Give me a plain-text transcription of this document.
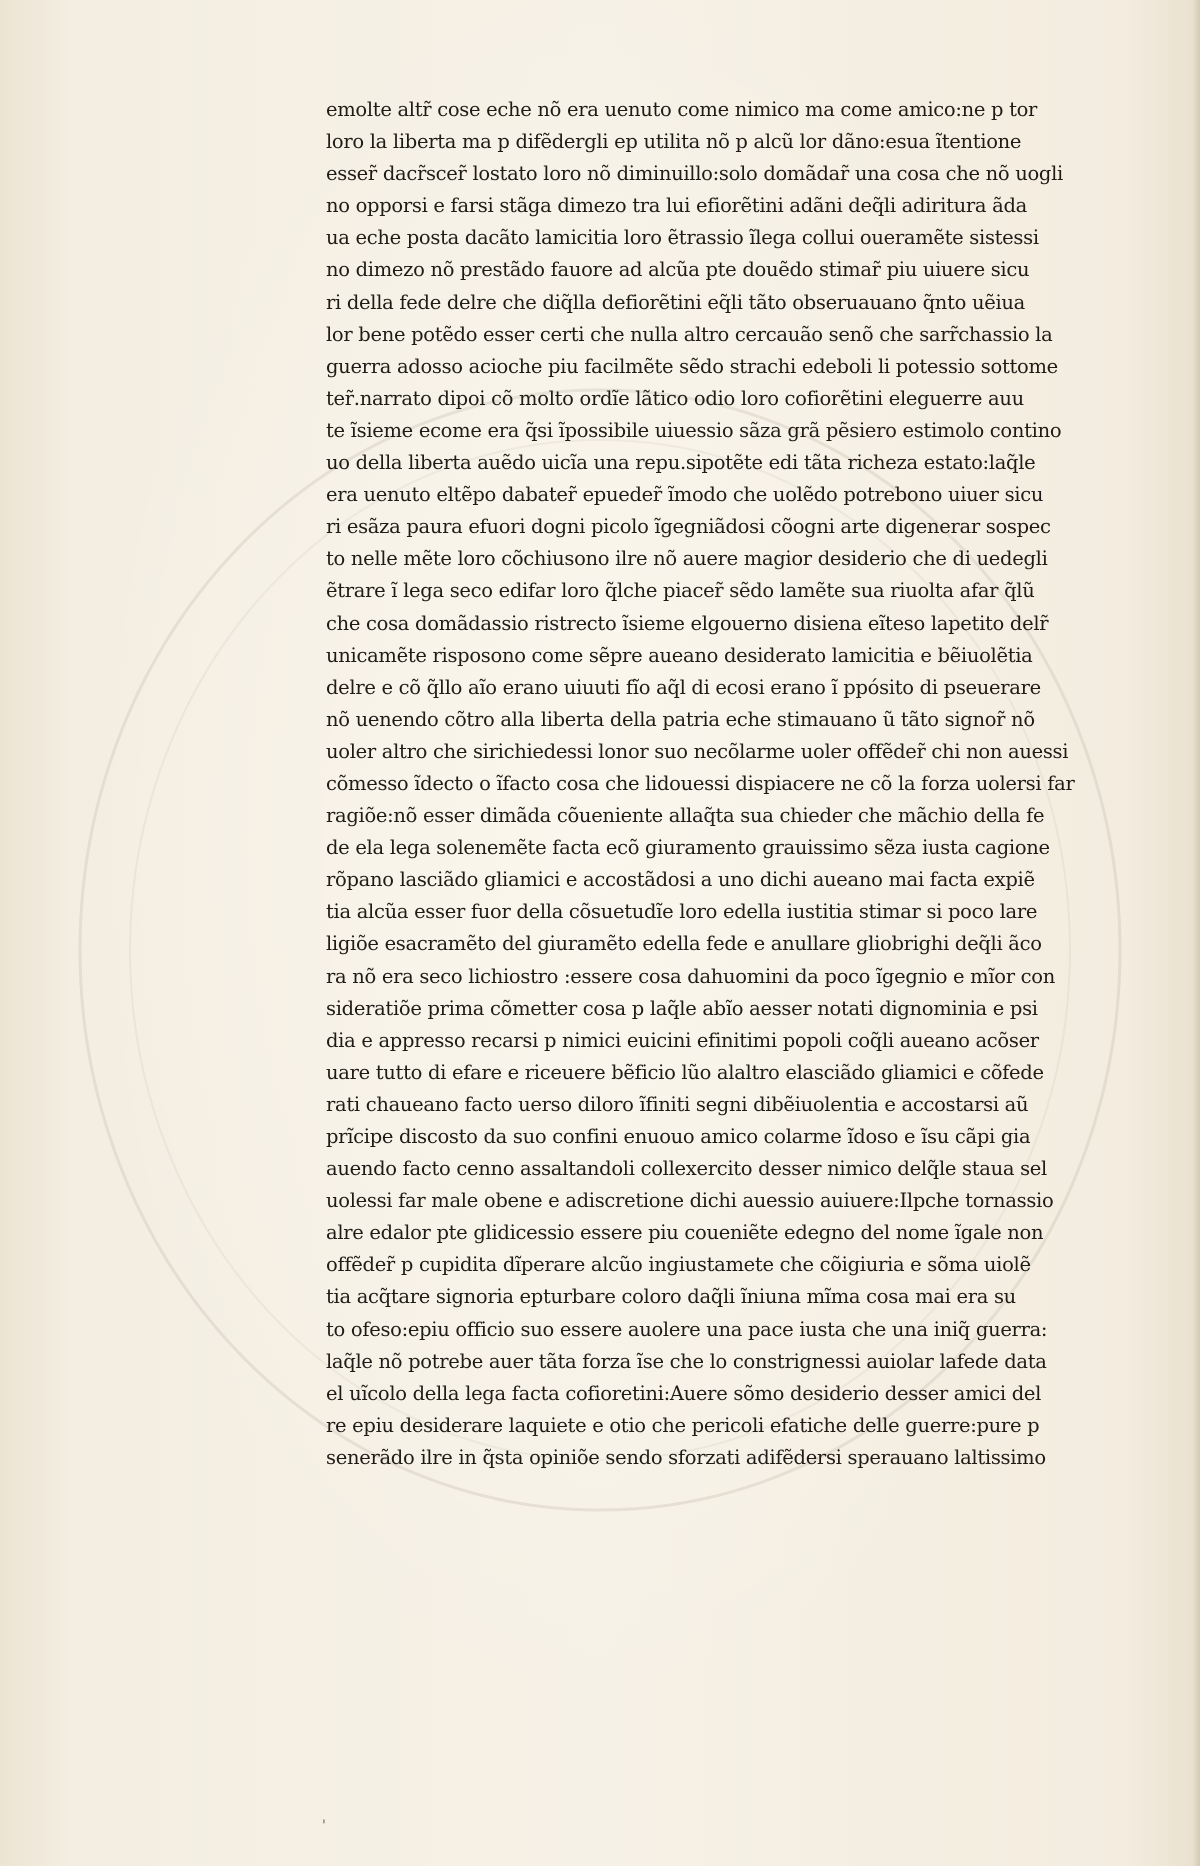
emolte altr̃ cose eche nõ era uenuto come nimico ma come amico:ne p tor
loro la liberta ma p difẽdergli ep utilita nõ p alcũ lor dãno:esua ĩtentione
esser̃ dacr̃scer̃ lostato loro nõ diminuillo:solo domãdar̃ una cosa che nõ uogli
no opporsi e farsi stãga dimezo tra lui efiorẽtini adãni deq̃li adiritura ãda
ua eche posta dacãto lamicitia loro ẽtrassio ĩlega collui oueramẽte sistessi
no dimezo nõ prestãdo fauore ad alcũa pte douẽdo stimar̃ piu uiuere sicu
ri della fede delre che diq̃lla defiorẽtini eq̃li tãto obseruauano q̃nto uẽiua
lor bene potẽdo esser certi che nulla altro cercauão senõ che sarr̃chassio la
guerra adosso acioche piu facilmẽte sẽdo strachi edeboli li potessio sottome
ter̃.narrato dipoi cõ molto ordĩe lãtico odio loro cofiorẽtini eleguerre auu
te ĩsieme ecome era q̃si ĩpossibile uiuessio sãza grã pẽsiero estimolo contino
uo della liberta auẽdo uicĩa una repu.sipotẽte edi tãta richeza estato:laq̃le
era uenuto eltẽpo dabater̃ epueder̃ ĩmodo che uolẽdo potrebono uiuer sicu
ri esãza paura efuori dogni picolo ĩgegniãdosi cõogni arte digenerar sospec
to nelle mẽte loro cõchiusono ilre nõ auere magior desiderio che di uedegli
ẽtrare ĩ lega seco edifar loro q̃lche piacer̃ sẽdo lamẽte sua riuolta afar q̃lũ
che cosa domãdassio ristrecto ĩsieme elgouerno disiena eĩteso lapetito delr̃
unicamẽte risposono come sẽpre aueano desiderato lamicitia e bẽiuolẽtia
delre e cõ q̃llo aĩo erano uiuuti fĩo aq̃l di ecosi erano ĩ ppósito di pseuerare
nõ uenendo cõtro alla liberta della patria eche stimauano ũ tãto signor̃ nõ
uoler altro che sirichiedessi lonor suo necõlarme uoler offẽder̃ chi non auessi
cõmesso ĩdecto o ĩfacto cosa che lidouessi dispiacere ne cõ la forza uolersi far
ragiõe:nõ esser dimãda cõueniente allaq̃ta sua chieder che mãchio della fe
de ela lega solenemẽte facta ecõ giuramento grauissimo sẽza iusta cagione
rõpano lasciãdo gliamici e accostãdosi a uno dichi aueano mai facta expiẽ
tia alcũa esser fuor della cõsuetudĩe loro edella iustitia stimar si poco lare
ligiõe esacramẽto del giuramẽto edella fede e anullare gliobrighi deq̃li ãco
ra nõ era seco lichiostro :essere cosa dahuomini da poco ĩgegnio e mĩor con
sideratiõe prima cõmetter cosa p laq̃le abĩo aesser notati dignominia e psi
dia e appresso recarsi p nimici euicini efinitimi popoli coq̃li aueano acõser
uare tutto di efare e riceuere bẽficio lũo alaltro elasciãdo gliamici e cõfede
rati chaueano facto uerso diloro ĩfiniti segni dibẽiuolentia e accostarsi aũ
prĩcipe discosto da suo confini enuouo amico colarme ĩdoso e ĩsu cãpi gia
auendo facto cenno assaltandoli collexercito desser nimico delq̃le staua sel
uolessi far male obene e adiscretione dichi auessio auiuere:Ilpche tornassio
alre edalor pte glidicessio essere piu coueniẽte edegno del nome ĩgale non
offẽder̃ p cupidita dĩperare alcũo ingiustamete che cõigiuria e sõma uiolẽ
tia acq̃tare signoria epturbare coloro daq̃li ĩniuna mĩma cosa mai era su
to ofeso:epiu officio suo essere auolere una pace iusta che una iniq̃ guerra:
laq̃le nõ potrebe auer tãta forza ĩse che lo constrignessi auiolar lafede data
el uĩcolo della lega facta cofioretini:Auere sõmo desiderio desser amici del
re epiu desiderare laquiete e otio che pericoli efatiche delle guerre:pure p
senerãdo ilre in q̃sta opiniõe sendo sforzati adifẽdersi sperauano laltissimo
'
